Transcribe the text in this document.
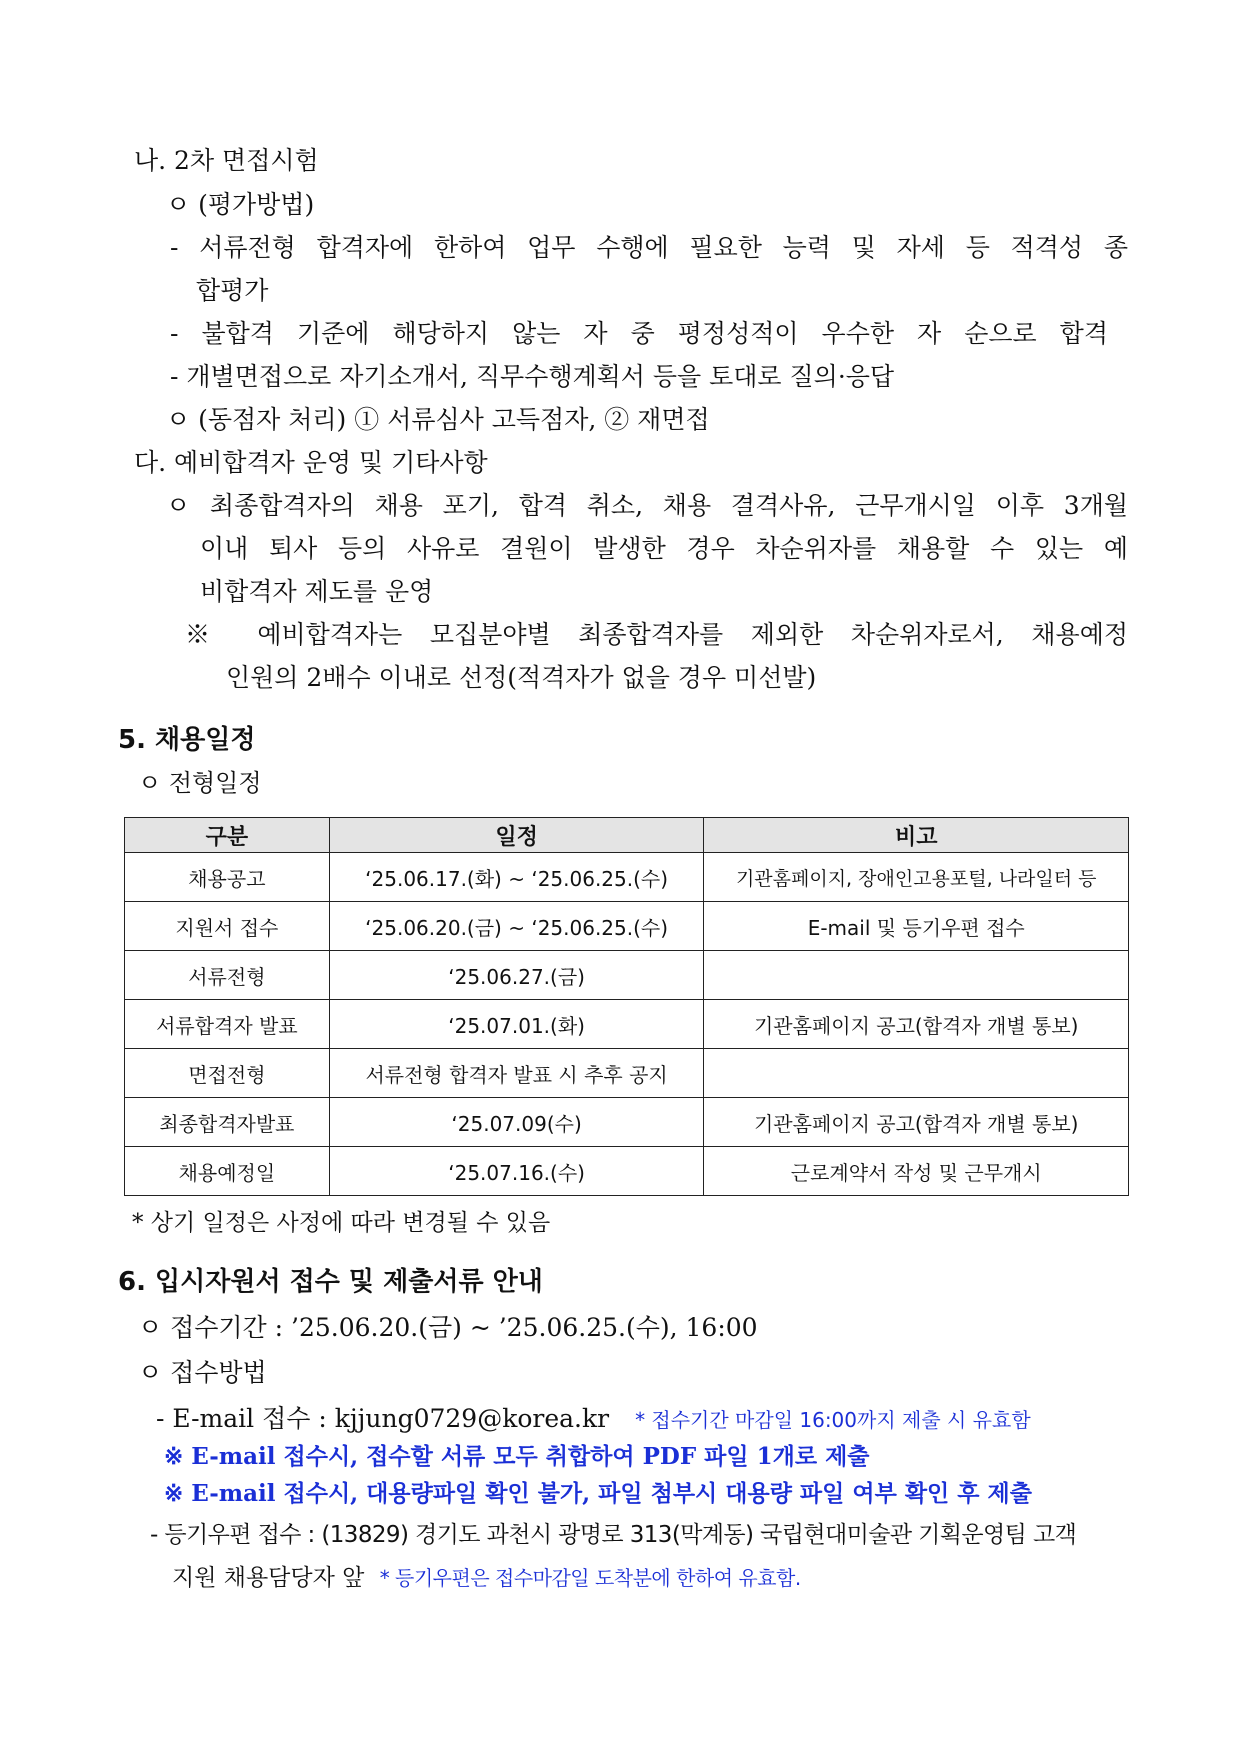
나. 2차 면접시험
ㅇ (평가방법)
- 서류전형 합격자에 한하여 업무 수행에 필요한 능력 및 자세 등 적격성 종
합평가
- 불합격 기준에 해당하지 않는 자 중 평정성적이 우수한 자 순으로 합격
- 개별면접으로 자기소개서, 직무수행계획서 등을 토대로 질의·응답
ㅇ (동점자 처리) ① 서류심사 고득점자, ② 재면접
다. 예비합격자 운영 및 기타사항
ㅇ 최종합격자의 채용 포기, 합격 취소, 채용 결격사유, 근무개시일 이후 3개월
이내 퇴사 등의 사유로 결원이 발생한 경우 차순위자를 채용할 수 있는 예
비합격자 제도를 운영
※ 예비합격자는 모집분야별 최종합격자를 제외한 차순위자로서, 채용예정
인원의 2배수 이내로 선정(적격자가 없을 경우 미선발)
5. 채용일정
ㅇ 전형일정
구분	일정	비고
채용공고	‘25.06.17.(화) ~ ‘25.06.25.(수)	기관홈페이지, 장애인고용포털, 나라일터 등
지원서 접수	‘25.06.20.(금) ~ ‘25.06.25.(수)	E-mail 및 등기우편 접수
서류전형	‘25.06.27.(금)	
서류합격자 발표	‘25.07.01.(화)	기관홈페이지 공고(합격자 개별 통보)
면접전형	서류전형 합격자 발표 시 추후 공지	
최종합격자발표	‘25.07.09(수)	기관홈페이지 공고(합격자 개별 통보)
채용예정일	‘25.07.16.(수)	근로계약서 작성 및 근무개시
* 상기 일정은 사정에 따라 변경될 수 있음
6. 입시자원서 접수 및 제출서류 안내
ㅇ 접수기간 : ’25.06.20.(금) ~ ’25.06.25.(수), 16:00
ㅇ 접수방법
- E-mail 접수 : kjjung0729@korea.kr * 접수기간 마감일 16:00까지 제출 시 유효함
※ E-mail 접수시, 접수할 서류 모두 취합하여 PDF 파일 1개로 제출
※ E-mail 접수시, 대용량파일 확인 불가, 파일 첨부시 대용량 파일 여부 확인 후 제출
- 등기우편 접수 : (13829) 경기도 과천시 광명로 313(막계동) 국립현대미술관 기획운영팀 고객
지원 채용담당자 앞 * 등기우편은 접수마감일 도착분에 한하여 유효함.
